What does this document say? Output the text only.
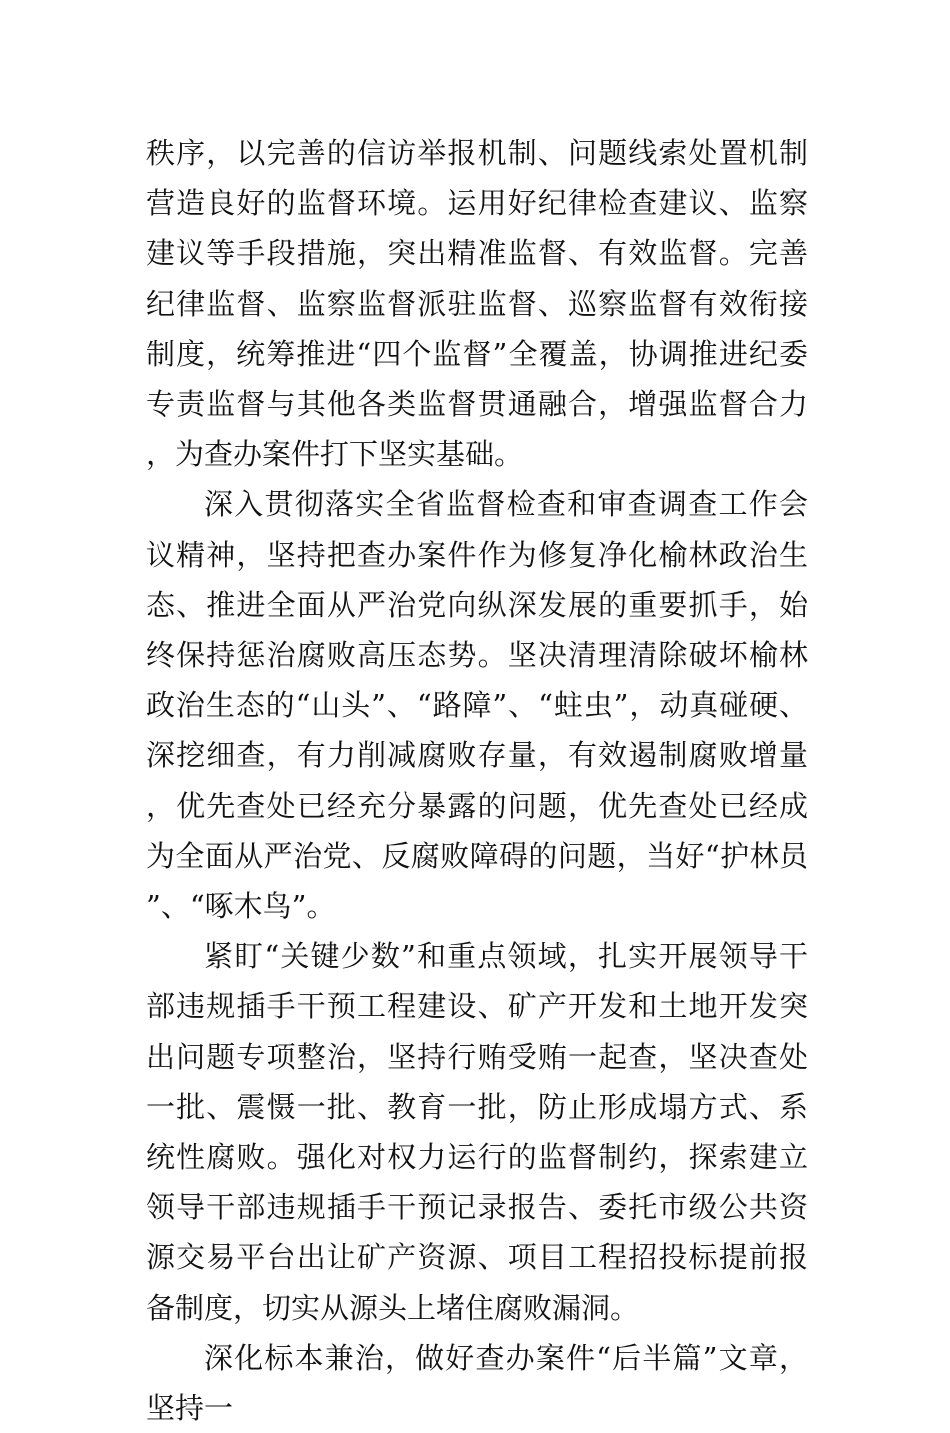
秩序，以完善的信访举报机制、问题线索处置机制营造良好的监督环境。运用好纪律检查建议、监察建议等手段措施，突出精准监督、有效监督。完善纪律监督、监察监督派驻监督、巡察监督有效衔接制度，统筹推进“四个监督”全覆盖，协调推进纪委专责监督与其他各类监督贯通融合，增强监督合力，为查办案件打下坚实基础。

深入贯彻落实全省监督检查和审查调查工作会议精神，坚持把查办案件作为修复净化榆林政治生态、推进全面从严治党向纵深发展的重要抓手，始终保持惩治腐败高压态势。坚决清理清除破坏榆林政治生态的“山头”、“路障”、“蛀虫”，动真碰硬、深挖细查，有力削减腐败存量，有效遏制腐败增量，优先查处已经充分暴露的问题，优先查处已经成为全面从严治党、反腐败障碍的问题，当好“护林员”、“啄木鸟”。

紧盯“关键少数”和重点领域，扎实开展领导干部违规插手干预工程建设、矿产开发和土地开发突出问题专项整治，坚持行贿受贿一起查，坚决查处一批、震慑一批、教育一批，防止形成塌方式、系统性腐败。强化对权力运行的监督制约，探索建立领导干部违规插手干预记录报告、委托市级公共资源交易平台出让矿产资源、项目工程招投标提前报备制度，切实从源头上堵住腐败漏洞。

深化标本兼治，做好查办案件“后半篇”文章，坚持一
